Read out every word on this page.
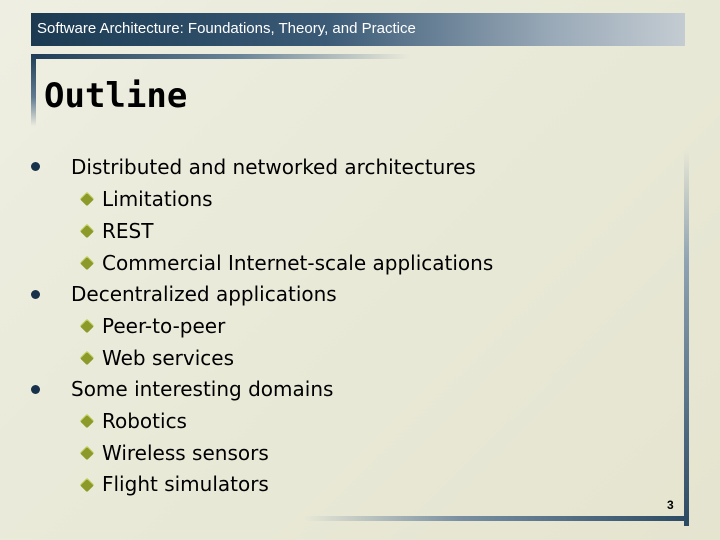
Software Architecture: Foundations, Theory, and Practice
Outline
Distributed and networked architectures
Limitations
REST
Commercial Internet-scale applications
Decentralized applications
Peer-to-peer
Web services
Some interesting domains
Robotics
Wireless sensors
Flight simulators
3
